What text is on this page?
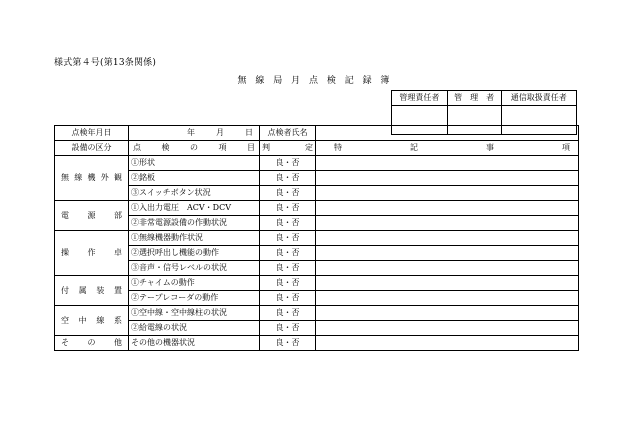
様式第４号(第13条関係)
無 線 局 月 点 検 記 録 簿
管理責任者	管　理　者	通信取扱責任者

点検年月日	年 月 日	点検者氏名	

設備の区分	点 検 の 項 目	判 定	特 記 事 項

無 線 機 外 観	①形状	良・否	
	②銘板	良・否	
	③スイッチボタン状況	良・否	

電 源 部	①入出力電圧　ACV・DCV	良・否	
	②非常電源設備の作動状況	良・否	

操 作 卓	①無線機器動作状況	良・否	
	②選択呼出し機能の動作	良・否	
	③音声・信号レベルの状況	良・否	

付 属 装 置	①チャイムの動作	良・否	
	②テープレコーダの動作	良・否	

空 中 線 系	①空中線・空中線柱の状況	良・否	
	②給電線の状況	良・否	

そ の 他	その他の機器状況	良・否	
